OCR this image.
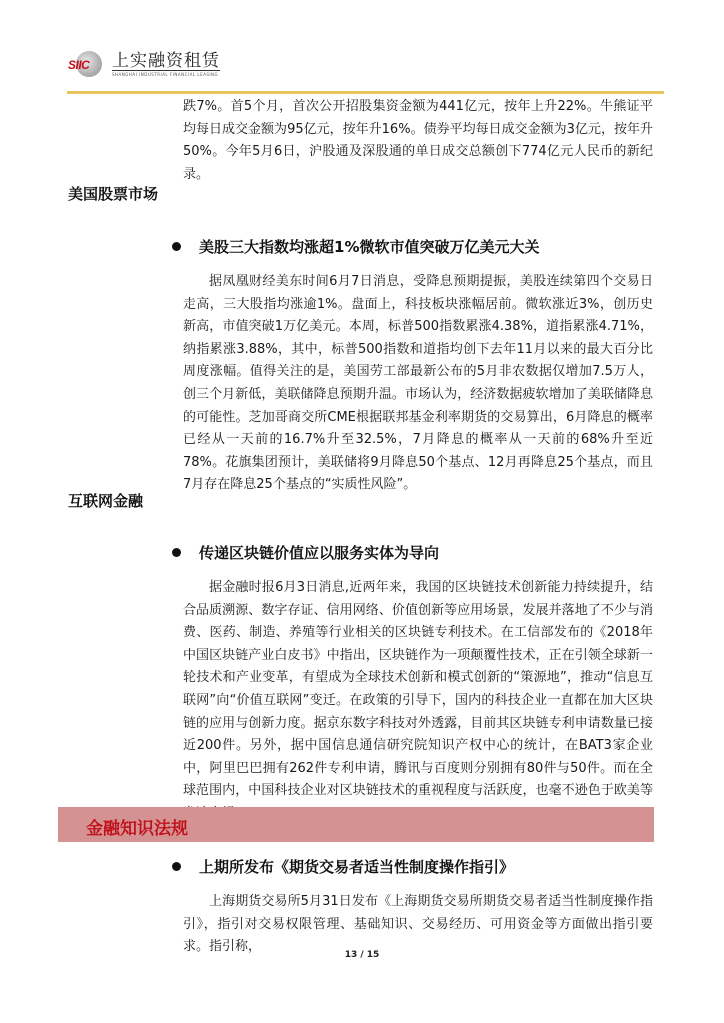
SIIC 上实融资租赁
SHANGHAI INDUSTRIAL FINANCIAL LEASING

跌7%。首5个月，首次公开招股集资金额为441亿元，按年上升22%。牛熊证平均每日成交金额为95亿元，按年升16%。债券平均每日成交金额为3亿元，按年升50%。今年5月6日，沪股通及深股通的单日成交总额创下774亿元人民币的新纪录。

美国股票市场
美股三大指数均涨超1%微软市值突破万亿美元大关

据凤凰财经美东时间6月7日消息，受降息预期提振，美股连续第四个交易日走高，三大股指均涨逾1%。盘面上，科技板块涨幅居前。微软涨近3%，创历史新高，市值突破1万亿美元。本周，标普500指数累涨4.38%，道指累涨4.71%，纳指累涨3.88%，其中，标普500指数和道指均创下去年11月以来的最大百分比周度涨幅。值得关注的是，美国劳工部最新公布的5月非农数据仅增加7.5万人，创三个月新低，美联储降息预期升温。市场认为，经济数据疲软增加了美联储降息的可能性。芝加哥商交所CME根据联邦基金利率期货的交易算出，6月降息的概率已经从一天前的16.7%升至32.5%，7月降息的概率从一天前的68%升至近78%。花旗集团预计，美联储将9月降息50个基点、12月再降息25个基点，而且7月存在降息25个基点的“实质性风险”。

互联网金融
传递区块链价值应以服务实体为导向

据金融时报6月3日消息,近两年来，我国的区块链技术创新能力持续提升，结合品质溯源、数字存证、信用网络、价值创新等应用场景，发展并落地了不少与消费、医药、制造、养殖等行业相关的区块链专利技术。在工信部发布的《2018年中国区块链产业白皮书》中指出，区块链作为一项颠覆性技术，正在引领全球新一轮技术和产业变革，有望成为全球技术创新和模式创新的“策源地”，推动“信息互联网”向“价值互联网”变迁。在政策的引导下，国内的科技企业一直都在加大区块链的应用与创新力度。据京东数字科技对外透露，目前其区块链专利申请数量已接近200件。另外，据中国信息通信研究院知识产权中心的统计，在BAT3家企业中，阿里巴巴拥有262件专利申请，腾讯与百度则分别拥有80件与50件。而在全球范围内，中国科技企业对区块链技术的重视程度与活跃度，也毫不逊色于欧美等

金融知识法规
上期所发布《期货交易者适当性制度操作指引》

上海期货交易所5月31日发布《上海期货交易所期货交易者适当性制度操作指引》，指引对交易权限管理、基础知识、交易经历、可用资金等方面做出指引要求。指引称，

13 / 15
